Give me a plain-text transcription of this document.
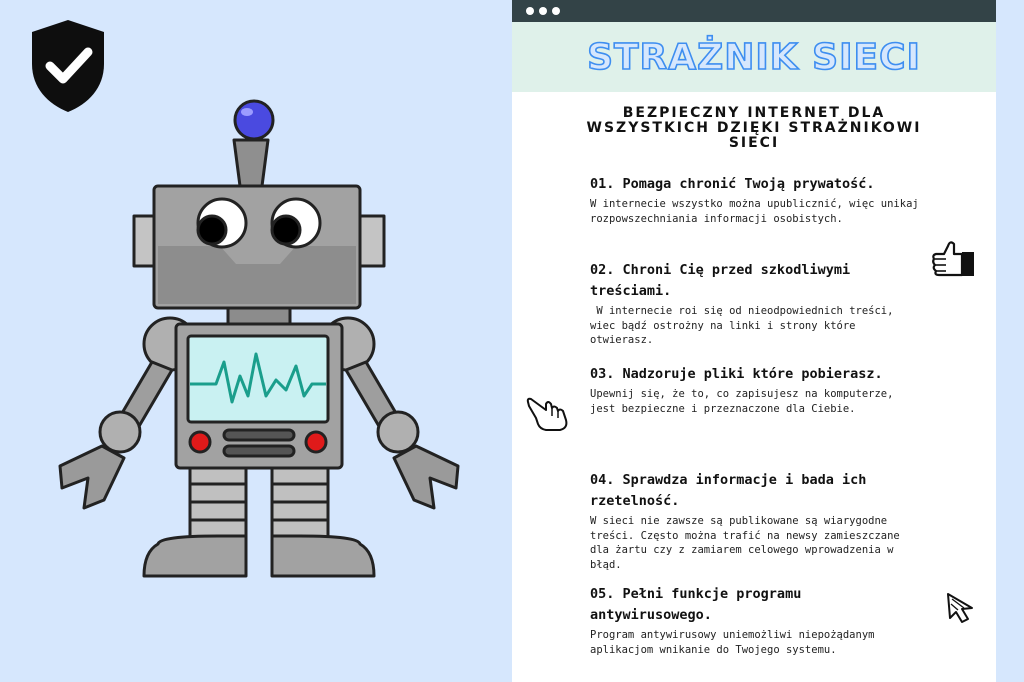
STRAŻNIK SIECI
BEZPIECZNY INTERNET DLA WSZYSTKICH DZIĘKI STRAŻNIKOWI SIECI

01. Pomaga chronić Twoją prywatość.

W internecie wszystko można upublicznić, więc unikaj rozpowszechniania informacji osobistych.

02. Chroni Cię przed szkodliwymi treściami.

W internecie roi się od nieodpowiednich treści, wiec bądź ostrożny na linki i strony które otwierasz.

03. Nadzoruje pliki które pobierasz.

Upewnij się, że to, co zapisujesz na komputerze, jest bezpieczne i przeznaczone dla Ciebie.

04. Sprawdza informacje i bada ich rzetelność.

W sieci nie zawsze są publikowane są wiarygodne treści. Często można trafić na newsy zamieszczane dla żartu czy z zamiarem celowego wprowadzenia w błąd.

05. Pełni funkcje programu antywirusowego.

Program antywirusowy uniemożliwi niepożądanym aplikacjom wnikanie do Twojego systemu.
